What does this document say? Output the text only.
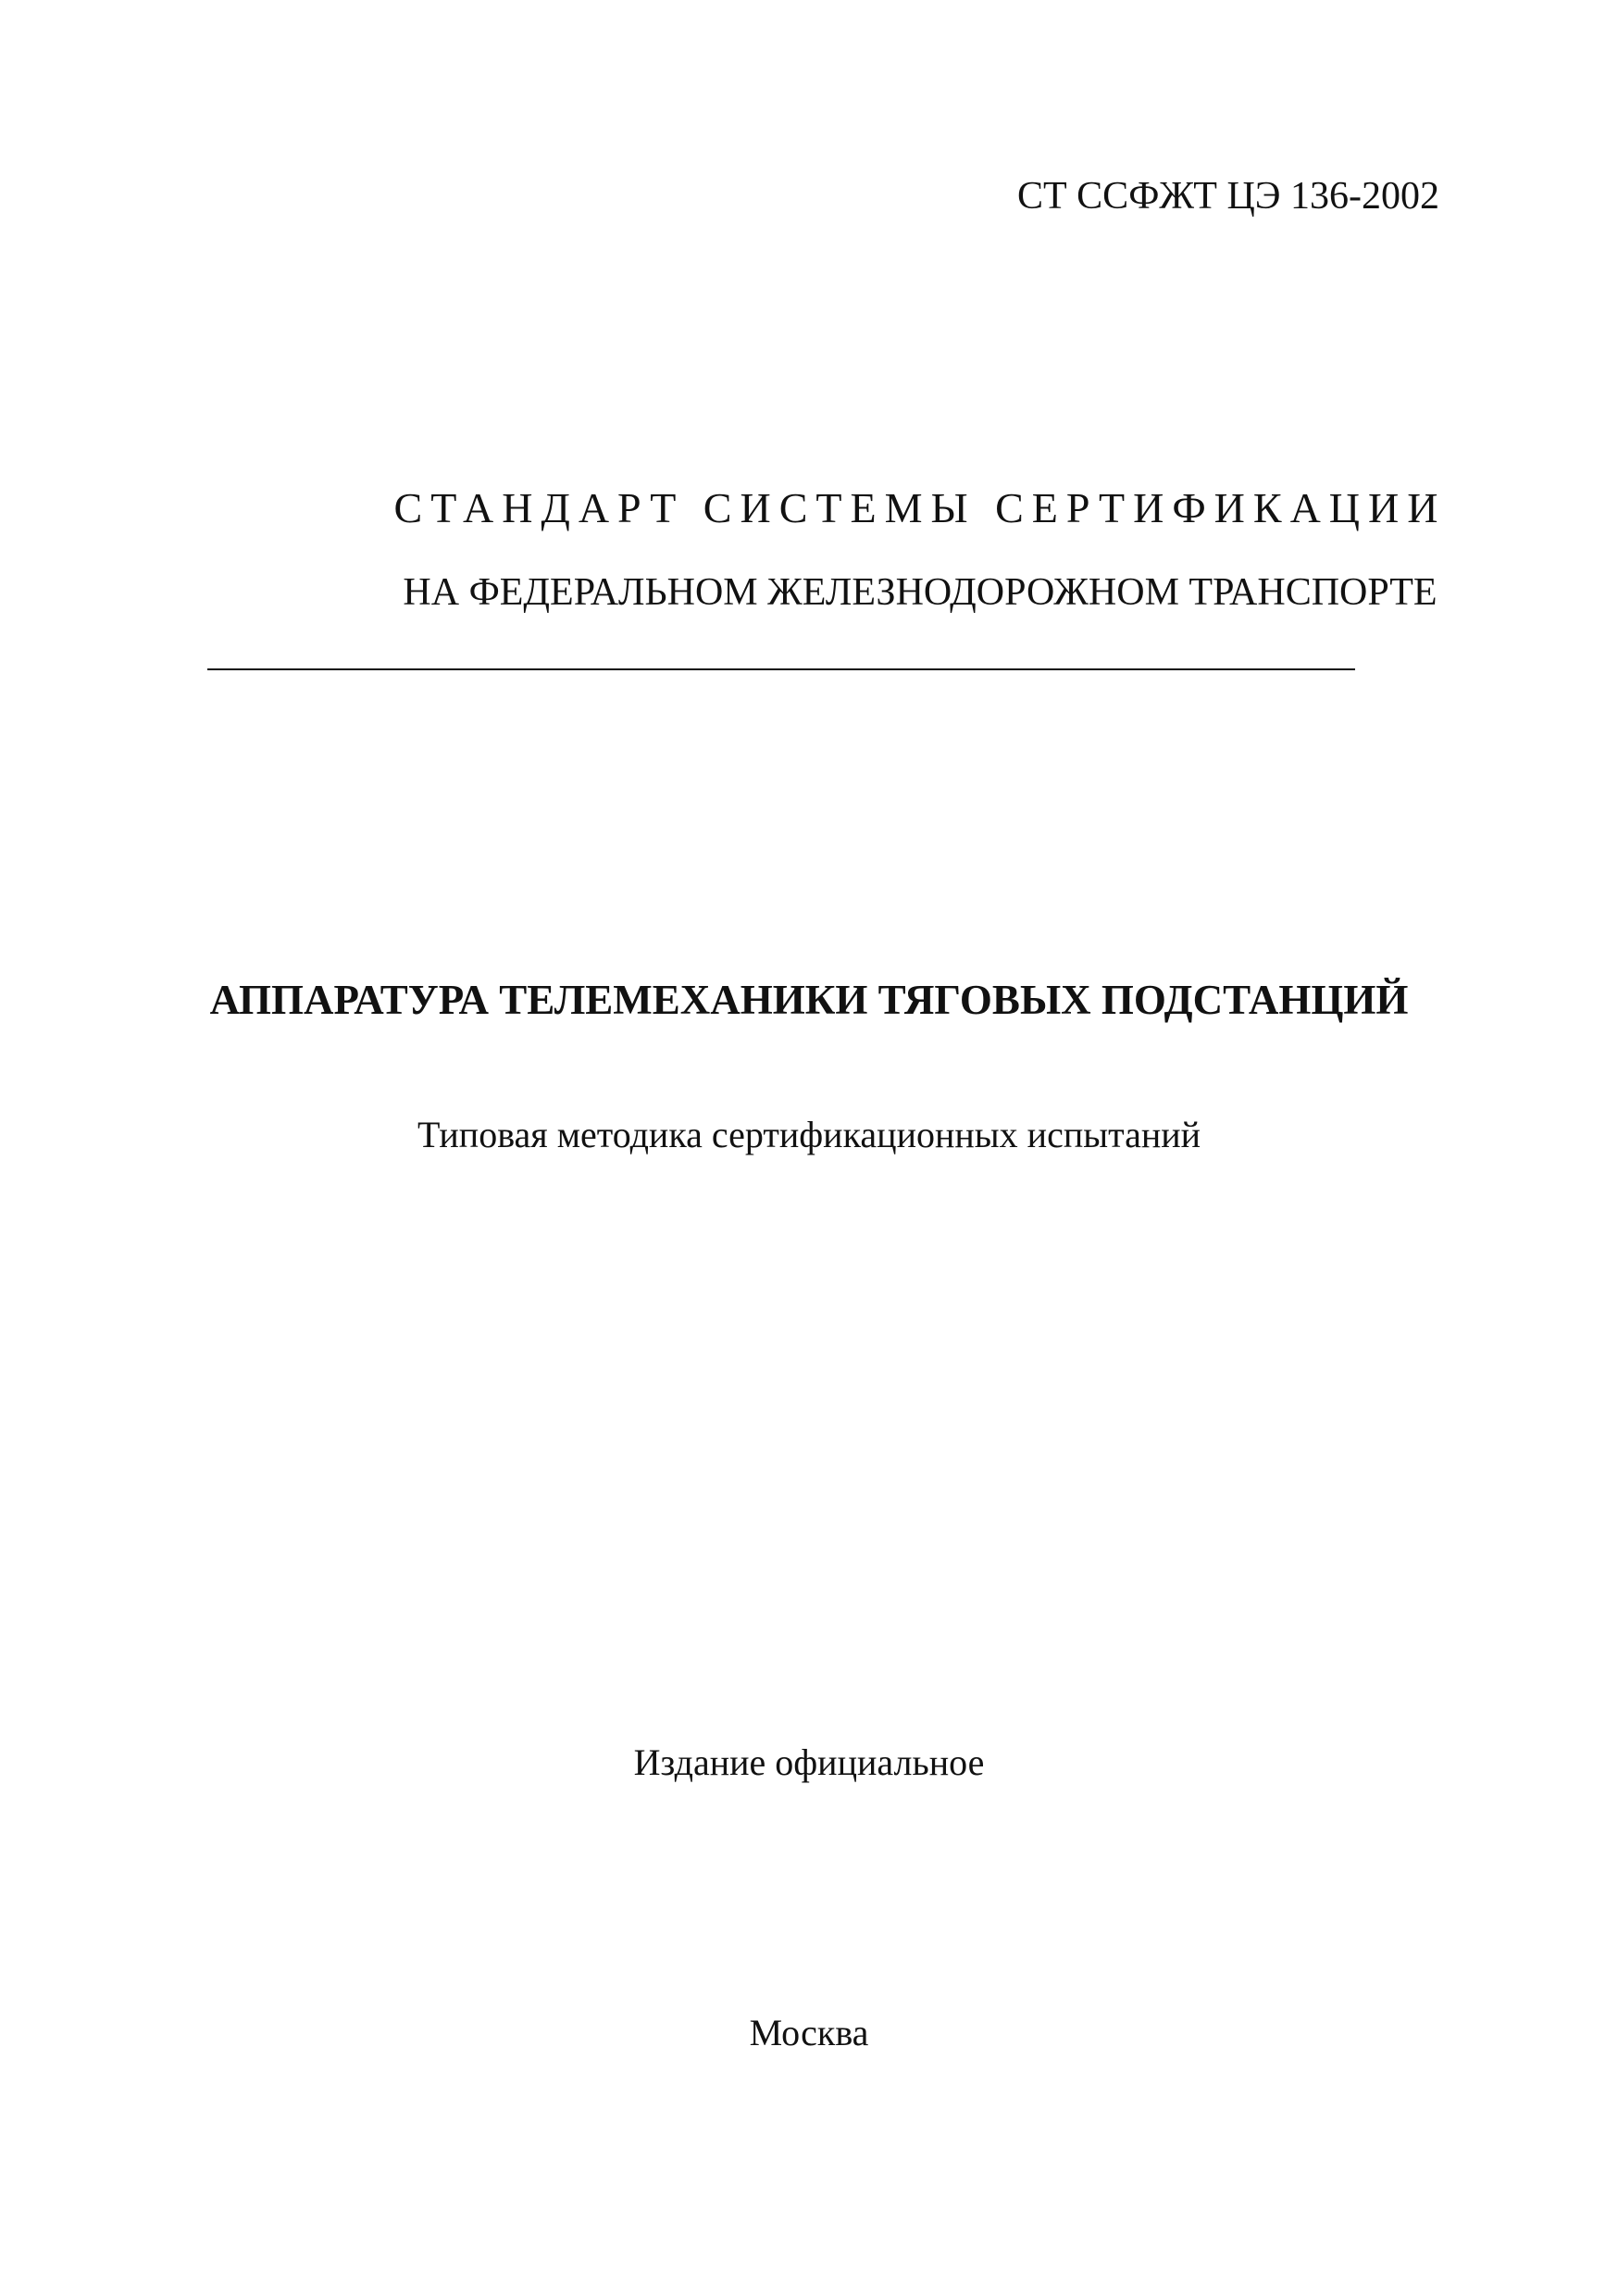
СТ ССФЖТ ЦЭ 136-2002
СТАНДАРТ СИСТЕМЫ СЕРТИФИКАЦИИ
НА ФЕДЕРАЛЬНОМ ЖЕЛЕЗНОДОРОЖНОМ ТРАНСПОРТЕ
АППАРАТУРА ТЕЛЕМЕХАНИКИ ТЯГОВЫХ ПОДСТАНЦИЙ
Типовая методика сертификационных испытаний
Издание официальное
Москва
